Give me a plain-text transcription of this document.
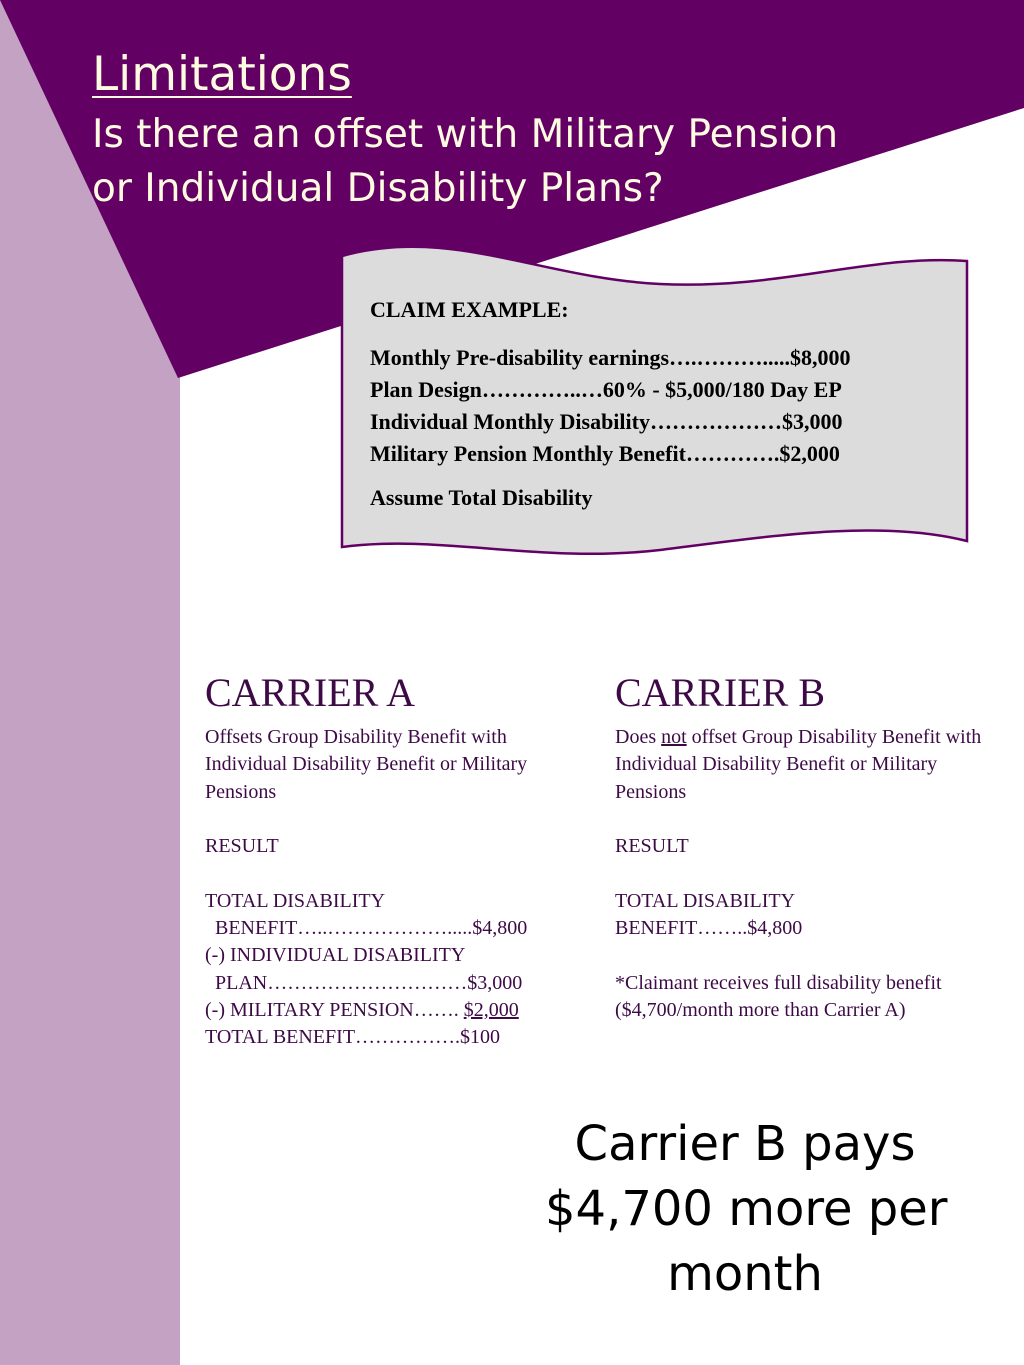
Limitations
Is there an offset with Military Pension
or Individual Disability Plans?
CLAIM EXAMPLE:
Monthly Pre-disability earnings….……….....$8,000
Plan Design…………..…60% - $5,000/180 Day EP
Individual Monthly Disability………………$3,000
Military Pension Monthly Benefit………….$2,000
Assume Total Disability
CARRIER A
Offsets Group Disability Benefit with Individual Disability Benefit or Military Pensions
RESULT
TOTAL DISABILITY
BENEFIT…..……………….....$4,800
(-) INDIVIDUAL DISABILITY
PLAN…………………………$3,000
(-) MILITARY PENSION……. $2,000
TOTAL BENEFIT…………….$100
CARRIER B
Does not offset Group Disability Benefit with Individual Disability Benefit or Military Pensions
RESULT
TOTAL DISABILITY
BENEFIT……..$4,800
*Claimant receives full disability benefit
($4,700/month more than Carrier A)
Carrier B pays
$4,700 more per
month
